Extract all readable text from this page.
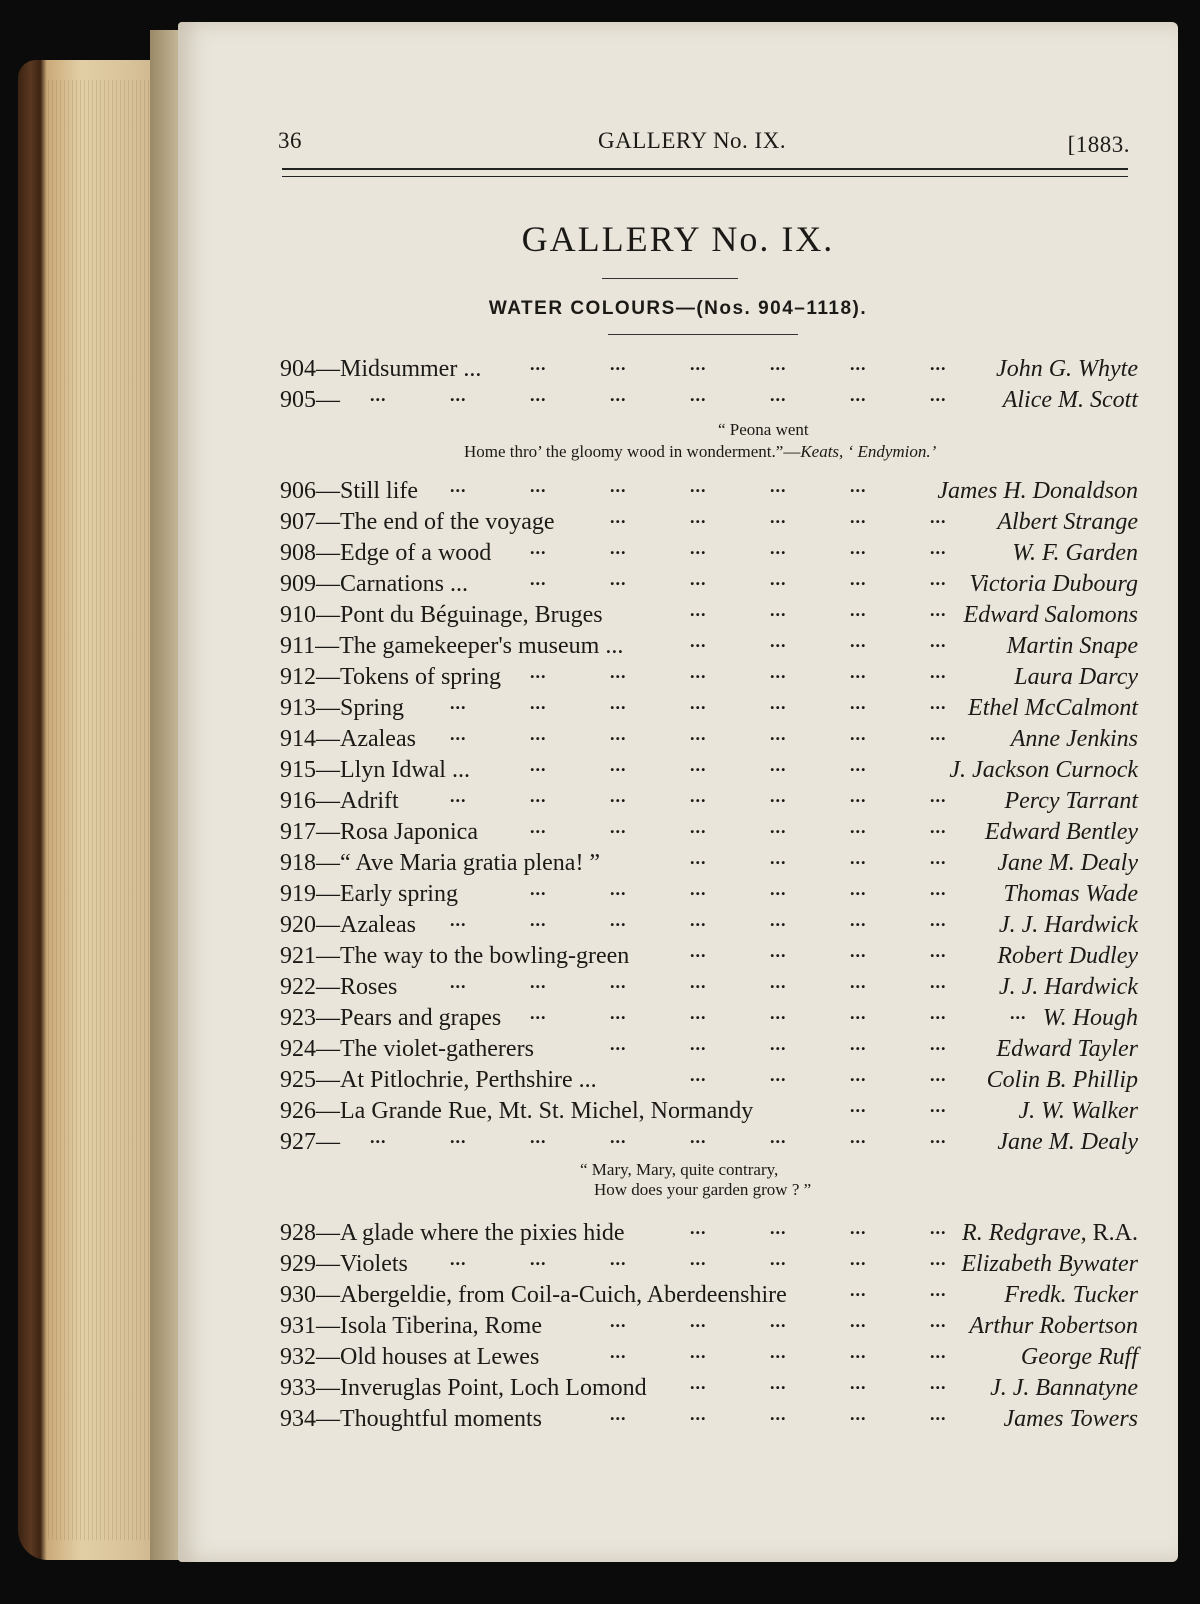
36	GALLERY No. IX.	[1883.
GALLERY No. IX.
WATER COLOURS—(Nos. 904–1118).
904—Midsummer ...	...	...	...	...	...	... John G. Whyte
905— ...	...	...	...	...	...	...	... Alice M. Scott
“ Peona went
Home thro’ the gloomy wood in wonderment.”—Keats, ‘ Endymion.’
906—Still life ...	...	...	...	...	...	James H. Donaldson
907—The end of the voyage	...	...	...	...	... Albert Strange
908—Edge of a wood ...	...	...	...	...	...	W. F. Garden
909—Carnations ...	...	...	...	...	...	... Victoria Dubourg
910—Pont du Béguinage, Bruges	...	...	...	... Edward Salomons
911—The gamekeeper's museum ...	...	...	...	...	Martin Snape
912—Tokens of spring ...	...	...	...	...	...	Laura Darcy
913—Spring	...	...	...	...	...	...	... Ethel McCalmont
914—Azaleas ...	...	...	...	...	...	...	Anne Jenkins
915—Llyn Idwal ...	...	...	...	...	...	J. Jackson Curnock
916—Adrift	...	...	...	...	...	...	... Percy Tarrant
917—Rosa Japonica	...	...	...	...	...	... Edward Bentley
918—“ Ave Maria gratia plena! ”	...	...	...	... Jane M. Dealy
919—Early spring	...	...	...	...	...	... Thomas Wade
920—Azaleas ...	...	...	...	...	...	... J. J. Hardwick
921—The way to the bowling-green	...	...	...	... Robert Dudley
922—Roses	...	...	...	...	...	...	... J. J. Hardwick
923—Pears and grapes ...	...	...	...	...	...	... W. Hough
924—The violet-gatherers	...	...	...	...	... Edward Tayler
925—At Pitlochrie, Perthshire ...	...	...	...	... Colin B. Phillip
926—La Grande Rue, Mt. St. Michel, Normandy	...	...	J. W. Walker
927— ...	...	...	...	...	...	...	... Jane M. Dealy
“ Mary, Mary, quite contrary,
How does your garden grow ? ”
928—A glade where the pixies hide	...	...	...	... R. Redgrave, R.A.
929—Violets ...	...	...	...	...	...	... Elizabeth Bywater
930—Abergeldie, from Coil-a-Cuich, Aberdeenshire	...	... Fredk. Tucker
931—Isola Tiberina, Rome	...	...	...	...	... Arthur Robertson
932—Old houses at Lewes	...	...	...	...	...	George Ruff
933—Inveruglas Point, Loch Lomond ...	...	...	... J. J. Bannatyne
934—Thoughtful moments	...	...	...	...	... James Towers
